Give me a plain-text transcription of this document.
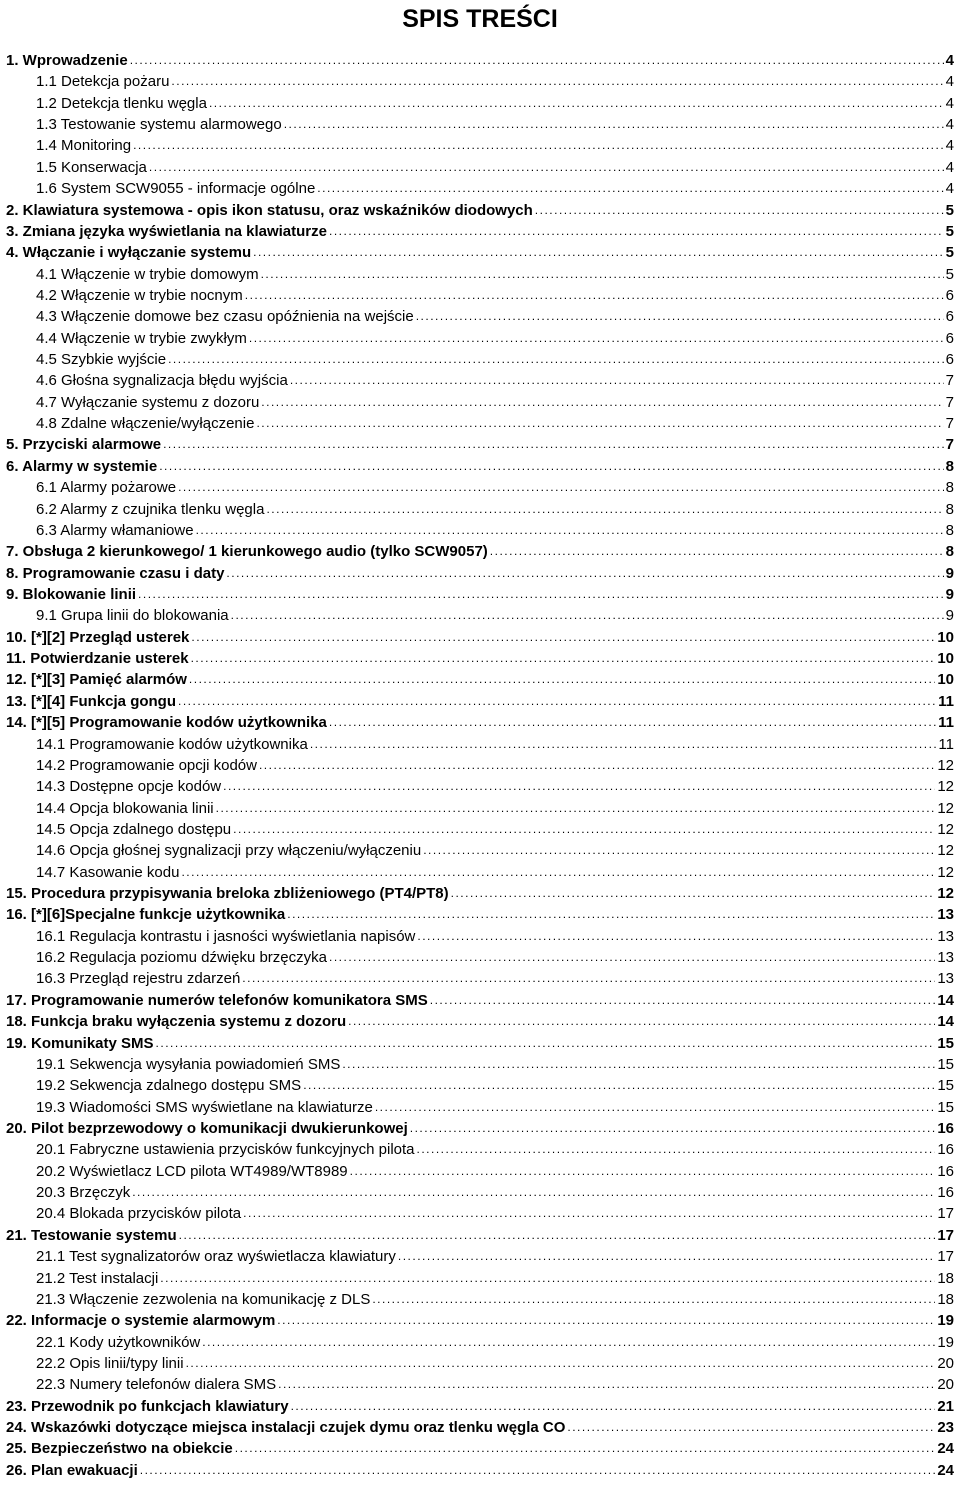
SPIS TREŚCI
1. Wprowadzenie .....	4
1.1 Detekcja pożaru .....	4
1.2 Detekcja tlenku węgla .....	4
1.3 Testowanie systemu alarmowego .....	4
1.4 Monitoring .....	4
1.5 Konserwacja .....	4
1.6 System SCW9055 - informacje ogólne .....	4
2. Klawiatura systemowa - opis ikon statusu, oraz wskaźników diodowych .....	5
3. Zmiana języka wyświetlania na klawiaturze .....	5
4. Włączanie i wyłączanie systemu .....	5
4.1 Włączenie w trybie domowym .....	5
4.2 Włączenie w trybie nocnym .....	6
4.3 Włączenie domowe bez czasu opóźnienia na wejście .....	6
4.4 Włączenie w trybie zwykłym .....	6
4.5 Szybkie wyjście .....	6
4.6 Głośna sygnalizacja błędu wyjścia .....	7
4.7 Wyłączanie systemu z dozoru .....	7
4.8 Zdalne włączenie/wyłączenie .....	7
5. Przyciski alarmowe .....	7
6. Alarmy w systemie .....	8
6.1 Alarmy pożarowe .....	8
6.2 Alarmy z czujnika tlenku węgla .....	8
6.3 Alarmy włamaniowe .....	8
7. Obsługa 2 kierunkowego/ 1 kierunkowego audio (tylko SCW9057) .....	8
8. Programowanie czasu i daty .....	9
9. Blokowanie linii .....	9
9.1 Grupa linii do blokowania .....	9
10. [*][2] Przegląd usterek .....	10
11. Potwierdzanie usterek .....	10
12. [*][3] Pamięć alarmów .....	10
13. [*][4] Funkcja gongu .....	11
14. [*][5] Programowanie kodów użytkownika .....	11
14.1 Programowanie kodów użytkownika .....	11
14.2 Programowanie opcji kodów .....	12
14.3 Dostępne opcje kodów .....	12
14.4 Opcja blokowania linii .....	12
14.5 Opcja zdalnego dostępu .....	12
14.6 Opcja głośnej sygnalizacji przy włączeniu/wyłączeniu .....	12
14.7 Kasowanie kodu .....	12
15. Procedura przypisywania breloka zbliżeniowego (PT4/PT8) .....	12
16. [*][6]Specjalne funkcje użytkownika .....	13
16.1 Regulacja kontrastu i jasności wyświetlania napisów .....	13
16.2 Regulacja poziomu dźwięku brzęczyka .....	13
16.3 Przegląd rejestru zdarzeń .....	13
17. Programowanie numerów telefonów komunikatora SMS .....	14
18. Funkcja braku wyłączenia systemu z dozoru .....	14
19. Komunikaty SMS .....	15
19.1 Sekwencja wysyłania powiadomień SMS .....	15
19.2 Sekwencja zdalnego dostępu SMS .....	15
19.3 Wiadomości SMS wyświetlane na klawiaturze .....	15
20. Pilot bezprzewodowy o komunikacji dwukierunkowej .....	16
20.1 Fabryczne ustawienia przycisków funkcyjnych pilota .....	16
20.2 Wyświetlacz LCD pilota WT4989/WT8989 .....	16
20.3 Brzęczyk .....	16
20.4 Blokada przycisków pilota .....	17
21. Testowanie systemu .....	17
21.1 Test sygnalizatorów oraz wyświetlacza klawiatury .....	17
21.2 Test instalacji .....	18
21.3 Włączenie zezwolenia na komunikację z DLS .....	18
22. Informacje o systemie alarmowym .....	19
22.1 Kody użytkowników .....	19
22.2 Opis linii/typy linii .....	20
22.3 Numery telefonów dialera SMS .....	20
23. Przewodnik po funkcjach klawiatury .....	21
24. Wskazówki dotyczące miejsca instalacji czujek dymu oraz tlenku węgla CO .....	23
25. Bezpieczeństwo na obiekcie .....	24
26. Plan ewakuacji .....	24
